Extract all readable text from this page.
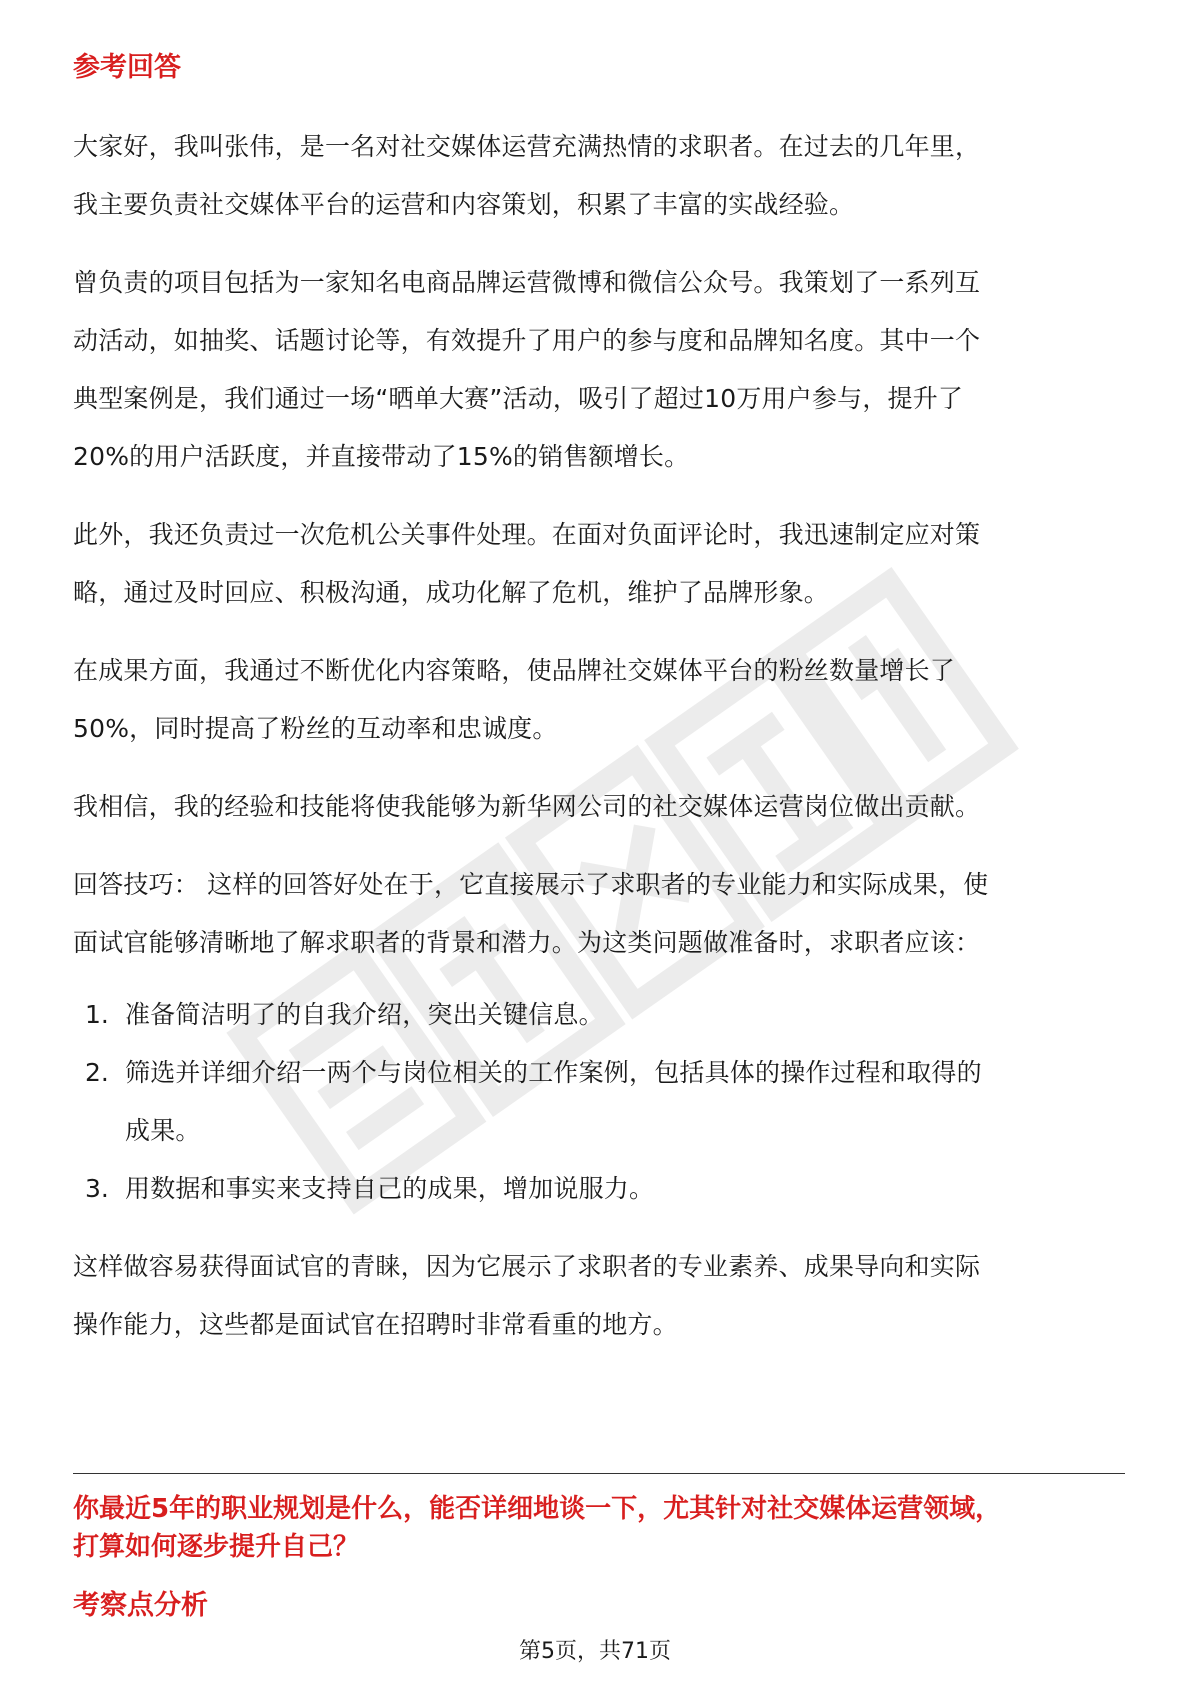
参考回答

大家好，我叫张伟，是一名对社交媒体运营充满热情的求职者。在过去的几年里，
我主要负责社交媒体平台的运营和内容策划，积累了丰富的实战经验。

曾负责的项目包括为一家知名电商品牌运营微博和微信公众号。我策划了一系列互
动活动，如抽奖、话题讨论等，有效提升了用户的参与度和品牌知名度。其中一个
典型案例是，我们通过一场“晒单大赛”活动，吸引了超过10万用户参与，提升了
20%的用户活跃度，并直接带动了15%的销售额增长。

此外，我还负责过一次危机公关事件处理。在面对负面评论时，我迅速制定应对策
略，通过及时回应、积极沟通，成功化解了危机，维护了品牌形象。

在成果方面，我通过不断优化内容策略，使品牌社交媒体平台的粉丝数量增长了
50%，同时提高了粉丝的互动率和忠诚度。

我相信，我的经验和技能将使我能够为新华网公司的社交媒体运营岗位做出贡献。

回答技巧： 这样的回答好处在于，它直接展示了求职者的专业能力和实际成果，使
面试官能够清晰地了解求职者的背景和潜力。为这类问题做准备时，求职者应该：

1. 准备简洁明了的自我介绍，突出关键信息。
2. 筛选并详细介绍一两个与岗位相关的工作案例，包括具体的操作过程和取得的
成果。
3. 用数据和事实来支持自己的成果，增加说服力。

这样做容易获得面试官的青睐，因为它展示了求职者的专业素养、成果导向和实际
操作能力，这些都是面试官在招聘时非常看重的地方。

你最近5年的职业规划是什么，能否详细地谈一下，尤其针对社交媒体运营领域，
打算如何逐步提升自己？

考察点分析
第5页，共71页
